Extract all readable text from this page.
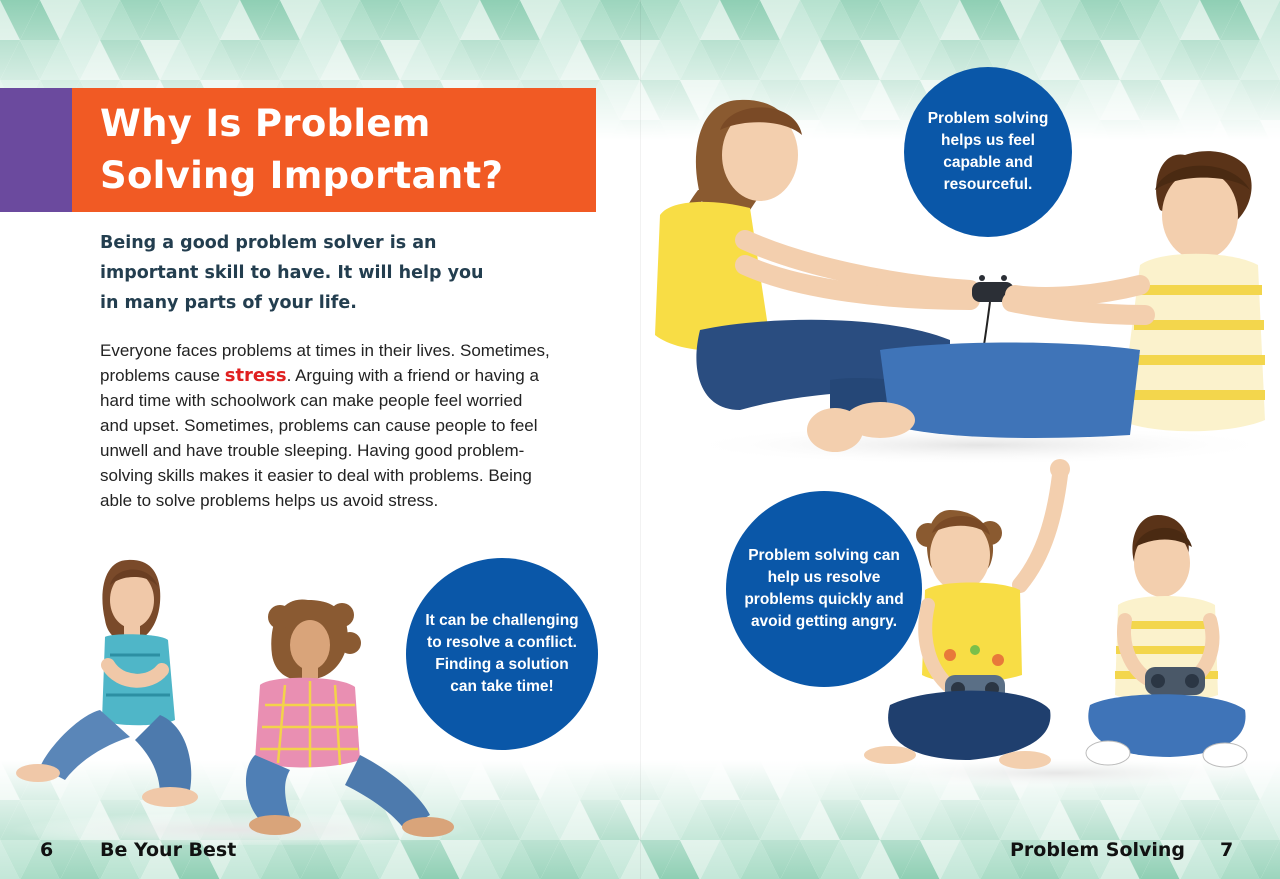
Why Is Problem Solving Important?

Being a good problem solver is an important skill to have. It will help you in many parts of your life.

Everyone faces problems at times in their lives. Sometimes, problems cause stress. Arguing with a friend or having a hard time with schoolwork can make people feel worried and upset. Sometimes, problems can cause people to feel unwell and have trouble sleeping. Having good problem-solving skills makes it easier to deal with problems. Being able to solve problems helps us avoid stress.

It can be challenging to resolve a conflict. Finding a solution can take time!
6 Be Your Best
Problem solving helps us feel capable and resourceful.
Problem solving can help us resolve problems quickly and avoid getting angry.
Problem Solving 7
